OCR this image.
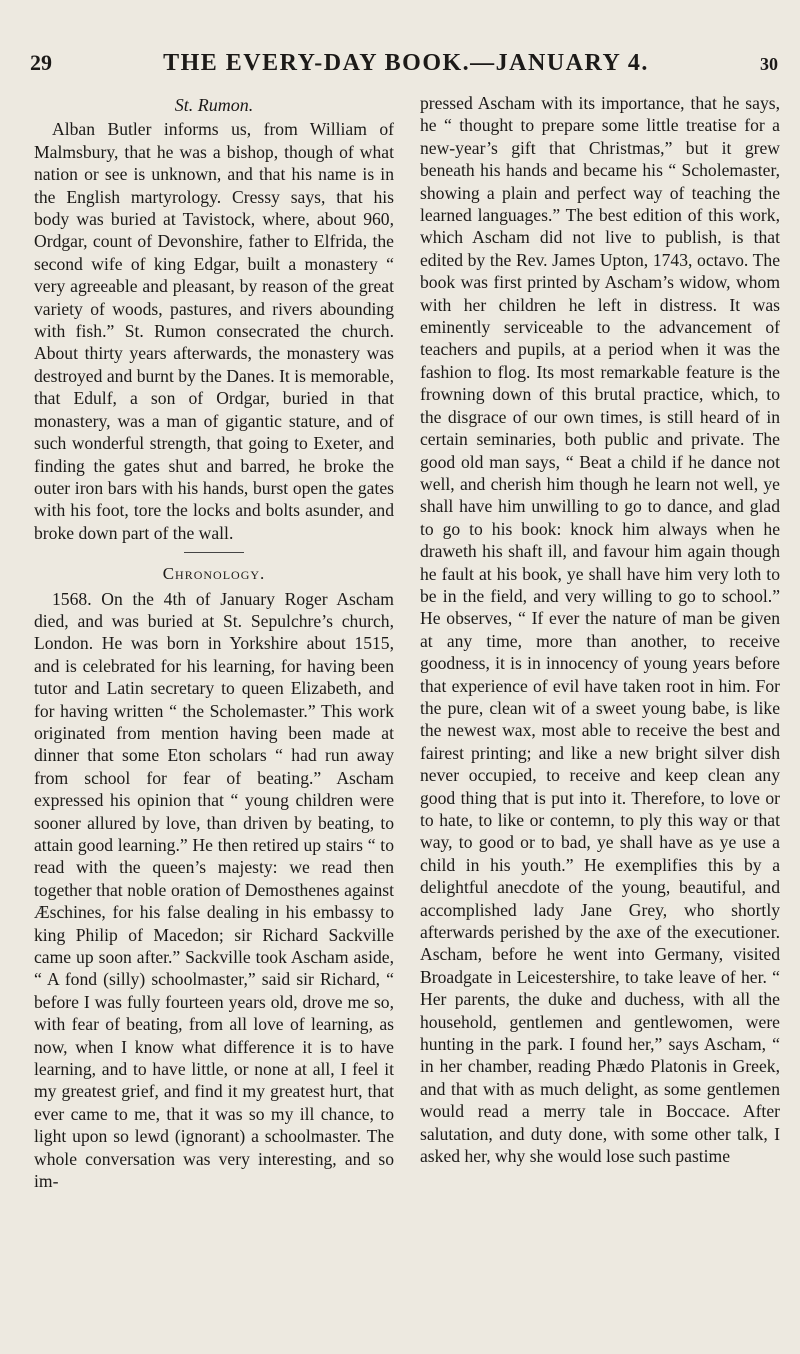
29	THE EVERY-DAY BOOK.—JANUARY 4.	30
St. Rumon.

Alban Butler informs us, from William of Malmsbury, that he was a bishop, though of what nation or see is unknown, and that his name is in the English martyrology. Cressy says, that his body was buried at Tavistock, where, about 960, Ordgar, count of Devonshire, father to Elfrida, the second wife of king Edgar, built a monastery “ very agreeable and pleasant, by reason of the great variety of woods, pastures, and rivers abounding with fish.” St. Rumon consecrated the church. About thirty years afterwards, the monastery was destroyed and burnt by the Danes. It is memorable, that Edulf, a son of Ordgar, buried in that monastery, was a man of gigantic stature, and of such wonderful strength, that going to Exeter, and finding the gates shut and barred, he broke the outer iron bars with his hands, burst open the gates with his foot, tore the locks and bolts asunder, and broke down part of the wall.

Chronology.

1568. On the 4th of January Roger Ascham died, and was buried at St. Sepulchre’s church, London. He was born in Yorkshire about 1515, and is celebrated for his learning, for having been tutor and Latin secretary to queen Elizabeth, and for having written “ the Scholemaster.” This work originated from mention having been made at dinner that some Eton scholars “ had run away from school for fear of beating.” Ascham expressed his opinion that “ young children were sooner allured by love, than driven by beating, to attain good learning.” He then retired up stairs “ to read with the queen’s majesty: we read then together that noble oration of Demosthenes against Æschines, for his false dealing in his embassy to king Philip of Macedon; sir Richard Sackville came up soon after.” Sackville took Ascham aside, “ A fond (silly) schoolmaster,” said sir Richard, “ before I was fully fourteen years old, drove me so, with fear of beating, from all love of learning, as now, when I know what difference it is to have learning, and to have little, or none at all, I feel it my greatest grief, and find it my greatest hurt, that ever came to me, that it was so my ill chance, to light upon so lewd (ignorant) a schoolmaster. The whole conversation was very interesting, and so im-

pressed Ascham with its importance, that he says, he “ thought to prepare some little treatise for a new-year’s gift that Christmas,” but it grew beneath his hands and became his “ Scholemaster, showing a plain and perfect way of teaching the learned languages.” The best edition of this work, which Ascham did not live to publish, is that edited by the Rev. James Upton, 1743, octavo. The book was first printed by Ascham’s widow, whom with her children he left in distress. It was eminently serviceable to the advancement of teachers and pupils, at a period when it was the fashion to flog. Its most remarkable feature is the frowning down of this brutal practice, which, to the disgrace of our own times, is still heard of in certain seminaries, both public and private. The good old man says, “ Beat a child if he dance not well, and cherish him though he learn not well, ye shall have him unwilling to go to dance, and glad to go to his book: knock him always when he draweth his shaft ill, and favour him again though he fault at his book, ye shall have him very loth to be in the field, and very willing to go to school.” He observes, “ If ever the nature of man be given at any time, more than another, to receive goodness, it is in innocency of young years before that experience of evil have taken root in him. For the pure, clean wit of a sweet young babe, is like the newest wax, most able to receive the best and fairest printing; and like a new bright silver dish never occupied, to receive and keep clean any good thing that is put into it. Therefore, to love or to hate, to like or contemn, to ply this way or that way, to good or to bad, ye shall have as ye use a child in his youth.” He exemplifies this by a delightful anecdote of the young, beautiful, and accomplished lady Jane Grey, who shortly afterwards perished by the axe of the executioner. Ascham, before he went into Germany, visited Broadgate in Leicestershire, to take leave of her. “ Her parents, the duke and duchess, with all the household, gentlemen and gentlewomen, were hunting in the park. I found her,” says Ascham, “ in her chamber, reading Phædo Platonis in Greek, and that with as much delight, as some gentlemen would read a merry tale in Boccace. After salutation, and duty done, with some other talk, I asked her, why she would lose such pastime
